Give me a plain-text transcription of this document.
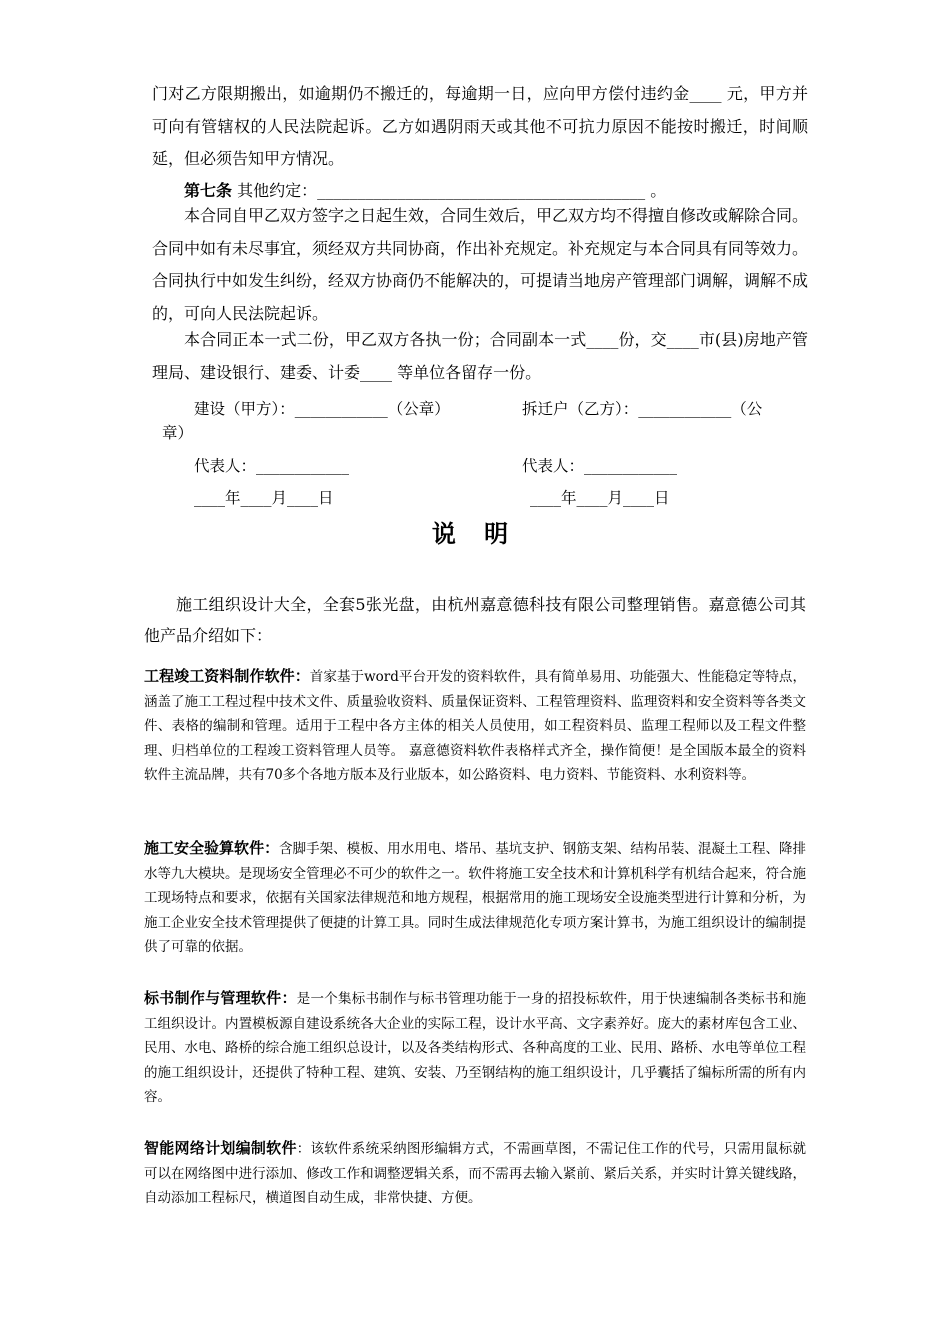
门对乙方限期搬出，如逾期仍不搬迁的，每逾期一日，应向甲方偿付违约金____ 元，甲方并可向有管辖权的人民法院起诉。乙方如遇阴雨天或其他不可抗力原因不能按时搬迁，时间顺延，但必须告知甲方情况。

第七条 其他约定：_________________________________________ 。

本合同自甲乙双方签字之日起生效，合同生效后，甲乙双方均不得擅自修改或解除合同。合同中如有未尽事宜，须经双方共同协商，作出补充规定。补充规定与本合同具有同等效力。合同执行中如发生纠纷，经双方协商仍不能解决的，可提请当地房产管理部门调解，调解不成的，可向人民法院起诉。

本合同正本一式二份，甲乙双方各执一份；合同副本一式____份，交____市(县)房地产管理局、建设银行、建委、计委____ 等单位各留存一份。

建设（甲方）：____________（公章）	拆迁户（乙方）：____________（公
章）
代表人：____________	代表人：____________
____年____月____日	____年____月____日
说 明

施工组织设计大全，全套5张光盘，由杭州嘉意德科技有限公司整理销售。嘉意德公司其他产品介绍如下：

工程竣工资料制作软件：首家基于word平台开发的资料软件，具有简单易用、功能强大、性能稳定等特点，涵盖了施工工程过程中技术文件、质量验收资料、质量保证资料、工程管理资料、监理资料和安全资料等各类文件、表格的编制和管理。适用于工程中各方主体的相关人员使用，如工程资料员、监理工程师以及工程文件整理、归档单位的工程竣工资料管理人员等。 嘉意德资料软件表格样式齐全，操作简便！是全国版本最全的资料软件主流品牌，共有70多个各地方版本及行业版本，如公路资料、电力资料、节能资料、水利资料等。

施工安全验算软件：含脚手架、模板、用水用电、塔吊、基坑支护、钢筋支架、结构吊装、混凝土工程、降排水等九大模块。是现场安全管理必不可少的软件之一。软件将施工安全技术和计算机科学有机结合起来，符合施工现场特点和要求，依据有关国家法律规范和地方规程，根据常用的施工现场安全设施类型进行计算和分析，为施工企业安全技术管理提供了便捷的计算工具。同时生成法律规范化专项方案计算书，为施工组织设计的编制提供了可靠的依据。

标书制作与管理软件：是一个集标书制作与标书管理功能于一身的招投标软件，用于快速编制各类标书和施工组织设计。内置模板源自建设系统各大企业的实际工程，设计水平高、文字素养好。庞大的素材库包含工业、民用、水电、路桥的综合施工组织总设计，以及各类结构形式、各种高度的工业、民用、路桥、水电等单位工程的施工组织设计，还提供了特种工程、建筑、安装、乃至钢结构的施工组织设计，几乎囊括了编标所需的所有内容。

智能网络计划编制软件：该软件系统采纳图形编辑方式，不需画草图，不需记住工作的代号，只需用鼠标就可以在网络图中进行添加、修改工作和调整逻辑关系，而不需再去输入紧前、紧后关系，并实时计算关键线路，自动添加工程标尺，横道图自动生成，非常快捷、方便。
